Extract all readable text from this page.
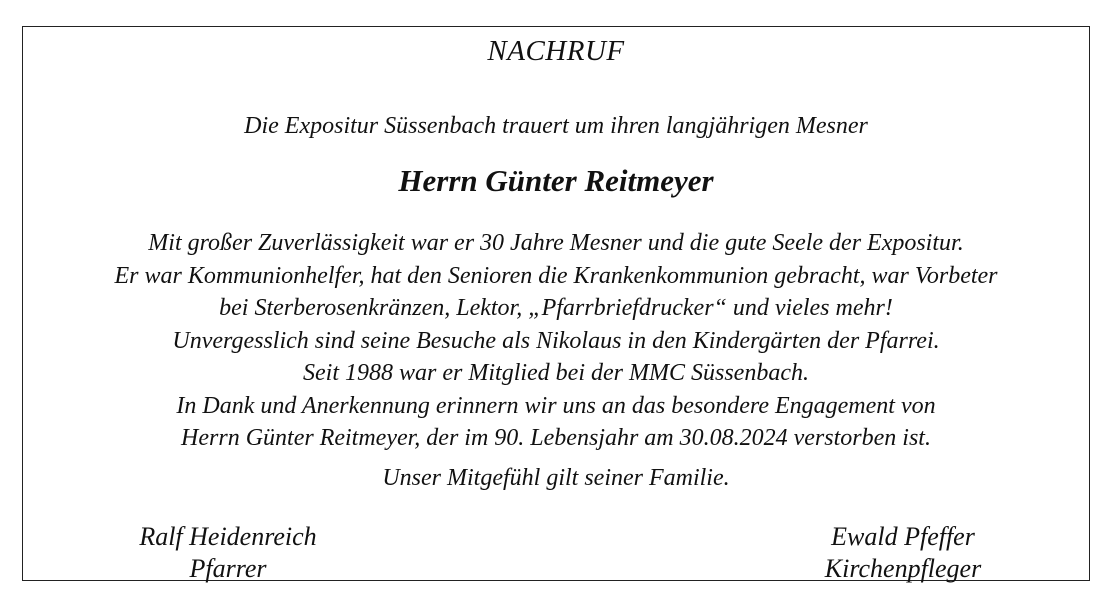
NACHRUF
Die Expositur Süssenbach trauert um ihren langjährigen Mesner
Herrn Günter Reitmeyer
Mit großer Zuverlässigkeit war er 30 Jahre Mesner und die gute Seele der Expositur.
Er war Kommunionhelfer, hat den Senioren die Krankenkommunion gebracht, war Vorbeter
bei Sterberosenkränzen, Lektor, „Pfarrbriefdrucker“ und vieles mehr!
Unvergesslich sind seine Besuche als Nikolaus in den Kindergärten der Pfarrei.
Seit 1988 war er Mitglied bei der MMC Süssenbach.
In Dank und Anerkennung erinnern wir uns an das besondere Engagement von
Herrn Günter Reitmeyer, der im 90. Lebensjahr am 30.08.2024 verstorben ist.
Unser Mitgefühl gilt seiner Familie.
Ralf Heidenreich
Pfarrer
Ewald Pfeffer
Kirchenpfleger
